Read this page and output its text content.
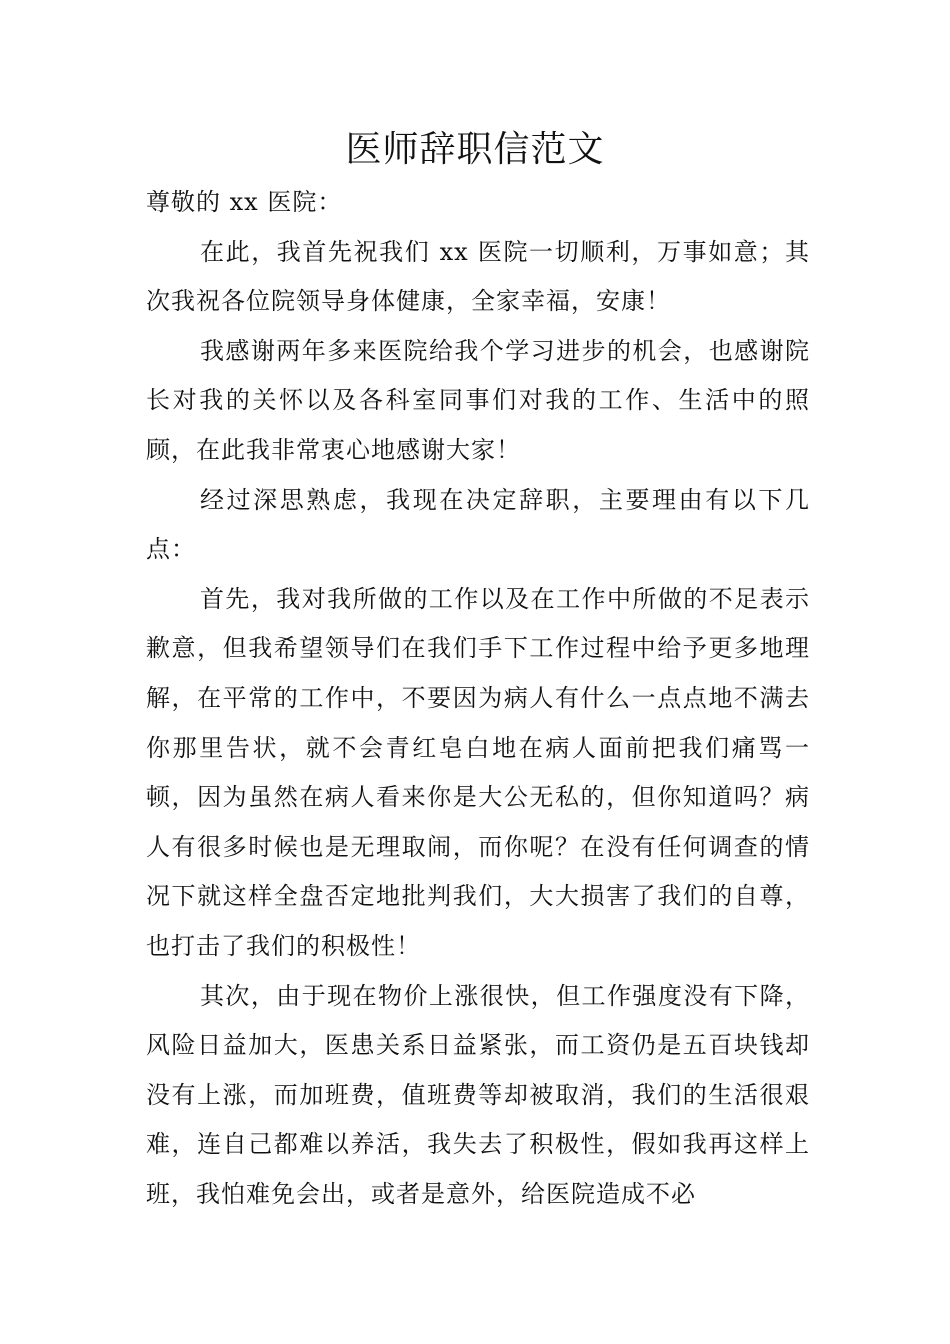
医师辞职信范文

尊敬的 xx 医院：

在此，我首先祝我们 xx 医院一切顺利，万事如意；其次我祝各位院领导身体健康，全家幸福，安康！

我感谢两年多来医院给我个学习进步的机会，也感谢院长对我的关怀以及各科室同事们对我的工作、生活中的照顾，在此我非常衷心地感谢大家！

经过深思熟虑，我现在决定辞职，主要理由有以下几点：

首先，我对我所做的工作以及在工作中所做的不足表示歉意，但我希望领导们在我们手下工作过程中给予更多地理解，在平常的工作中，不要因为病人有什么一点点地不满去你那里告状，就不会青红皂白地在病人面前把我们痛骂一顿，因为虽然在病人看来你是大公无私的，但你知道吗？病人有很多时候也是无理取闹，而你呢？在没有任何调查的情况下就这样全盘否定地批判我们，大大损害了我们的自尊，也打击了我们的积极性！

其次，由于现在物价上涨很快，但工作强度没有下降，风险日益加大，医患关系日益紧张，而工资仍是五百块钱却没有上涨，而加班费，值班费等却被取消，我们的生活很艰难，连自己都难以养活，我失去了积极性，假如我再这样上班，我怕难免会出，或者是意外，给医院造成不必
